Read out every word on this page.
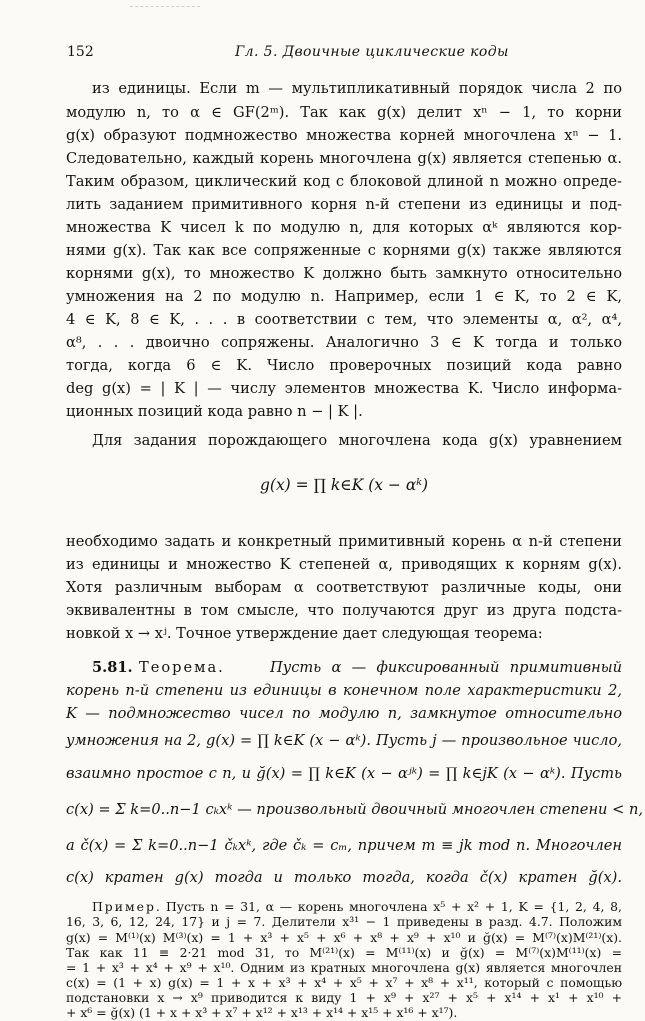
152	Гл. 5. Двоичные циклические коды
из единицы. Если m — мультипликативный порядок числа 2 по
модулю n, то α ∈ GF(2ᵐ). Так как g(x) делит xⁿ − 1, то корни
g(x) образуют подмножество множества корней многочлена xⁿ − 1.
Следовательно, каждый корень многочлена g(x) является степенью α.
Таким образом, циклический код с блоковой длиной n можно опреде-
лить заданием примитивного корня n-й степени из единицы и под-
множества K чисел k по модулю n, для которых αᵏ являются кор-
нями g(x). Так как все сопряженные с корнями g(x) также являются
корнями g(x), то множество K должно быть замкнуто относительно
умножения на 2 по модулю n. Например, если 1 ∈ K, то 2 ∈ K,
4 ∈ K, 8 ∈ K, . . . в соответствии с тем, что элементы α, α², α⁴,
α⁸, . . . двоично сопряжены. Аналогично 3 ∈ K тогда и только
тогда, когда 6 ∈ K. Число проверочных позиций кода равно
deg g(x) = | K | — числу элементов множества K. Число информа-
ционных позиций кода равно n − | K |.
Для задания порождающего многочлена кода g(x) уравнением
g(x) = ∏ k∈K (x − αᵏ)
необходимо задать и конкретный примитивный корень α n-й степени
из единицы и множество K степеней α, приводящих к корням g(x).
Хотя различным выборам α соответствуют различные коды, они
эквивалентны в том смысле, что получаются друг из друга подста-
новкой x → xʲ. Точное утверждение дает следующая теорема:
5.81. Теорема.	Пусть α — фиксированный примитивный
корень n-й степени из единицы в конечном поле характеристики 2,
K — подмножество чисел по модулю n, замкнутое относительно
умножения на 2, g(x) = ∏ k∈K (x − αᵏ). Пусть j — произвольное число,
взаимно простое с n, и ğ(x) = ∏ k∈K (x − αʲᵏ) = ∏ k∈jK (x − αᵏ). Пусть
c(x) = Σ k=0..n−1 cₖxᵏ — произвольный двоичный многочлен степени < n,
а č(x) = Σ k=0..n−1 čₖxᵏ, где čₖ = cₘ, причем m ≡ jk mod n. Многочлен
c(x) кратен g(x) тогда и только тогда, когда č(x) кратен ğ(x).
Пример. Пусть n = 31, α — корень многочлена x⁵ + x² + 1, K = {1, 2, 4, 8,
16, 3, 6, 12, 24, 17} и j = 7. Делители x³¹ − 1 приведены в разд. 4.7. Положим
g(x) = M⁽¹⁾(x) M⁽³⁾(x) = 1 + x³ + x⁵ + x⁶ + x⁸ + x⁹ + x¹⁰ и ğ(x) = M⁽⁷⁾(x)M⁽²¹⁾(x).
Так как 11 ≡ 2·21 mod 31, то M⁽²¹⁾(x) = M⁽¹¹⁾(x) и ğ(x) = M⁽⁷⁾(x)M⁽¹¹⁾(x) =
= 1 + x³ + x⁴ + x⁹ + x¹⁰. Одним из кратных многочлена g(x) является многочлен
c(x) = (1 + x) g(x) = 1 + x + x³ + x⁴ + x⁵ + x⁷ + x⁸ + x¹¹, который с помощью
подстановки x → x⁹ приводится к виду 1 + x⁹ + x²⁷ + x⁵ + x¹⁴ + x¹ + x¹⁰ +
+ x⁶ = ğ(x) (1 + x + x³ + x⁷ + x¹² + x¹³ + x¹⁴ + x¹⁵ + x¹⁶ + x¹⁷).
